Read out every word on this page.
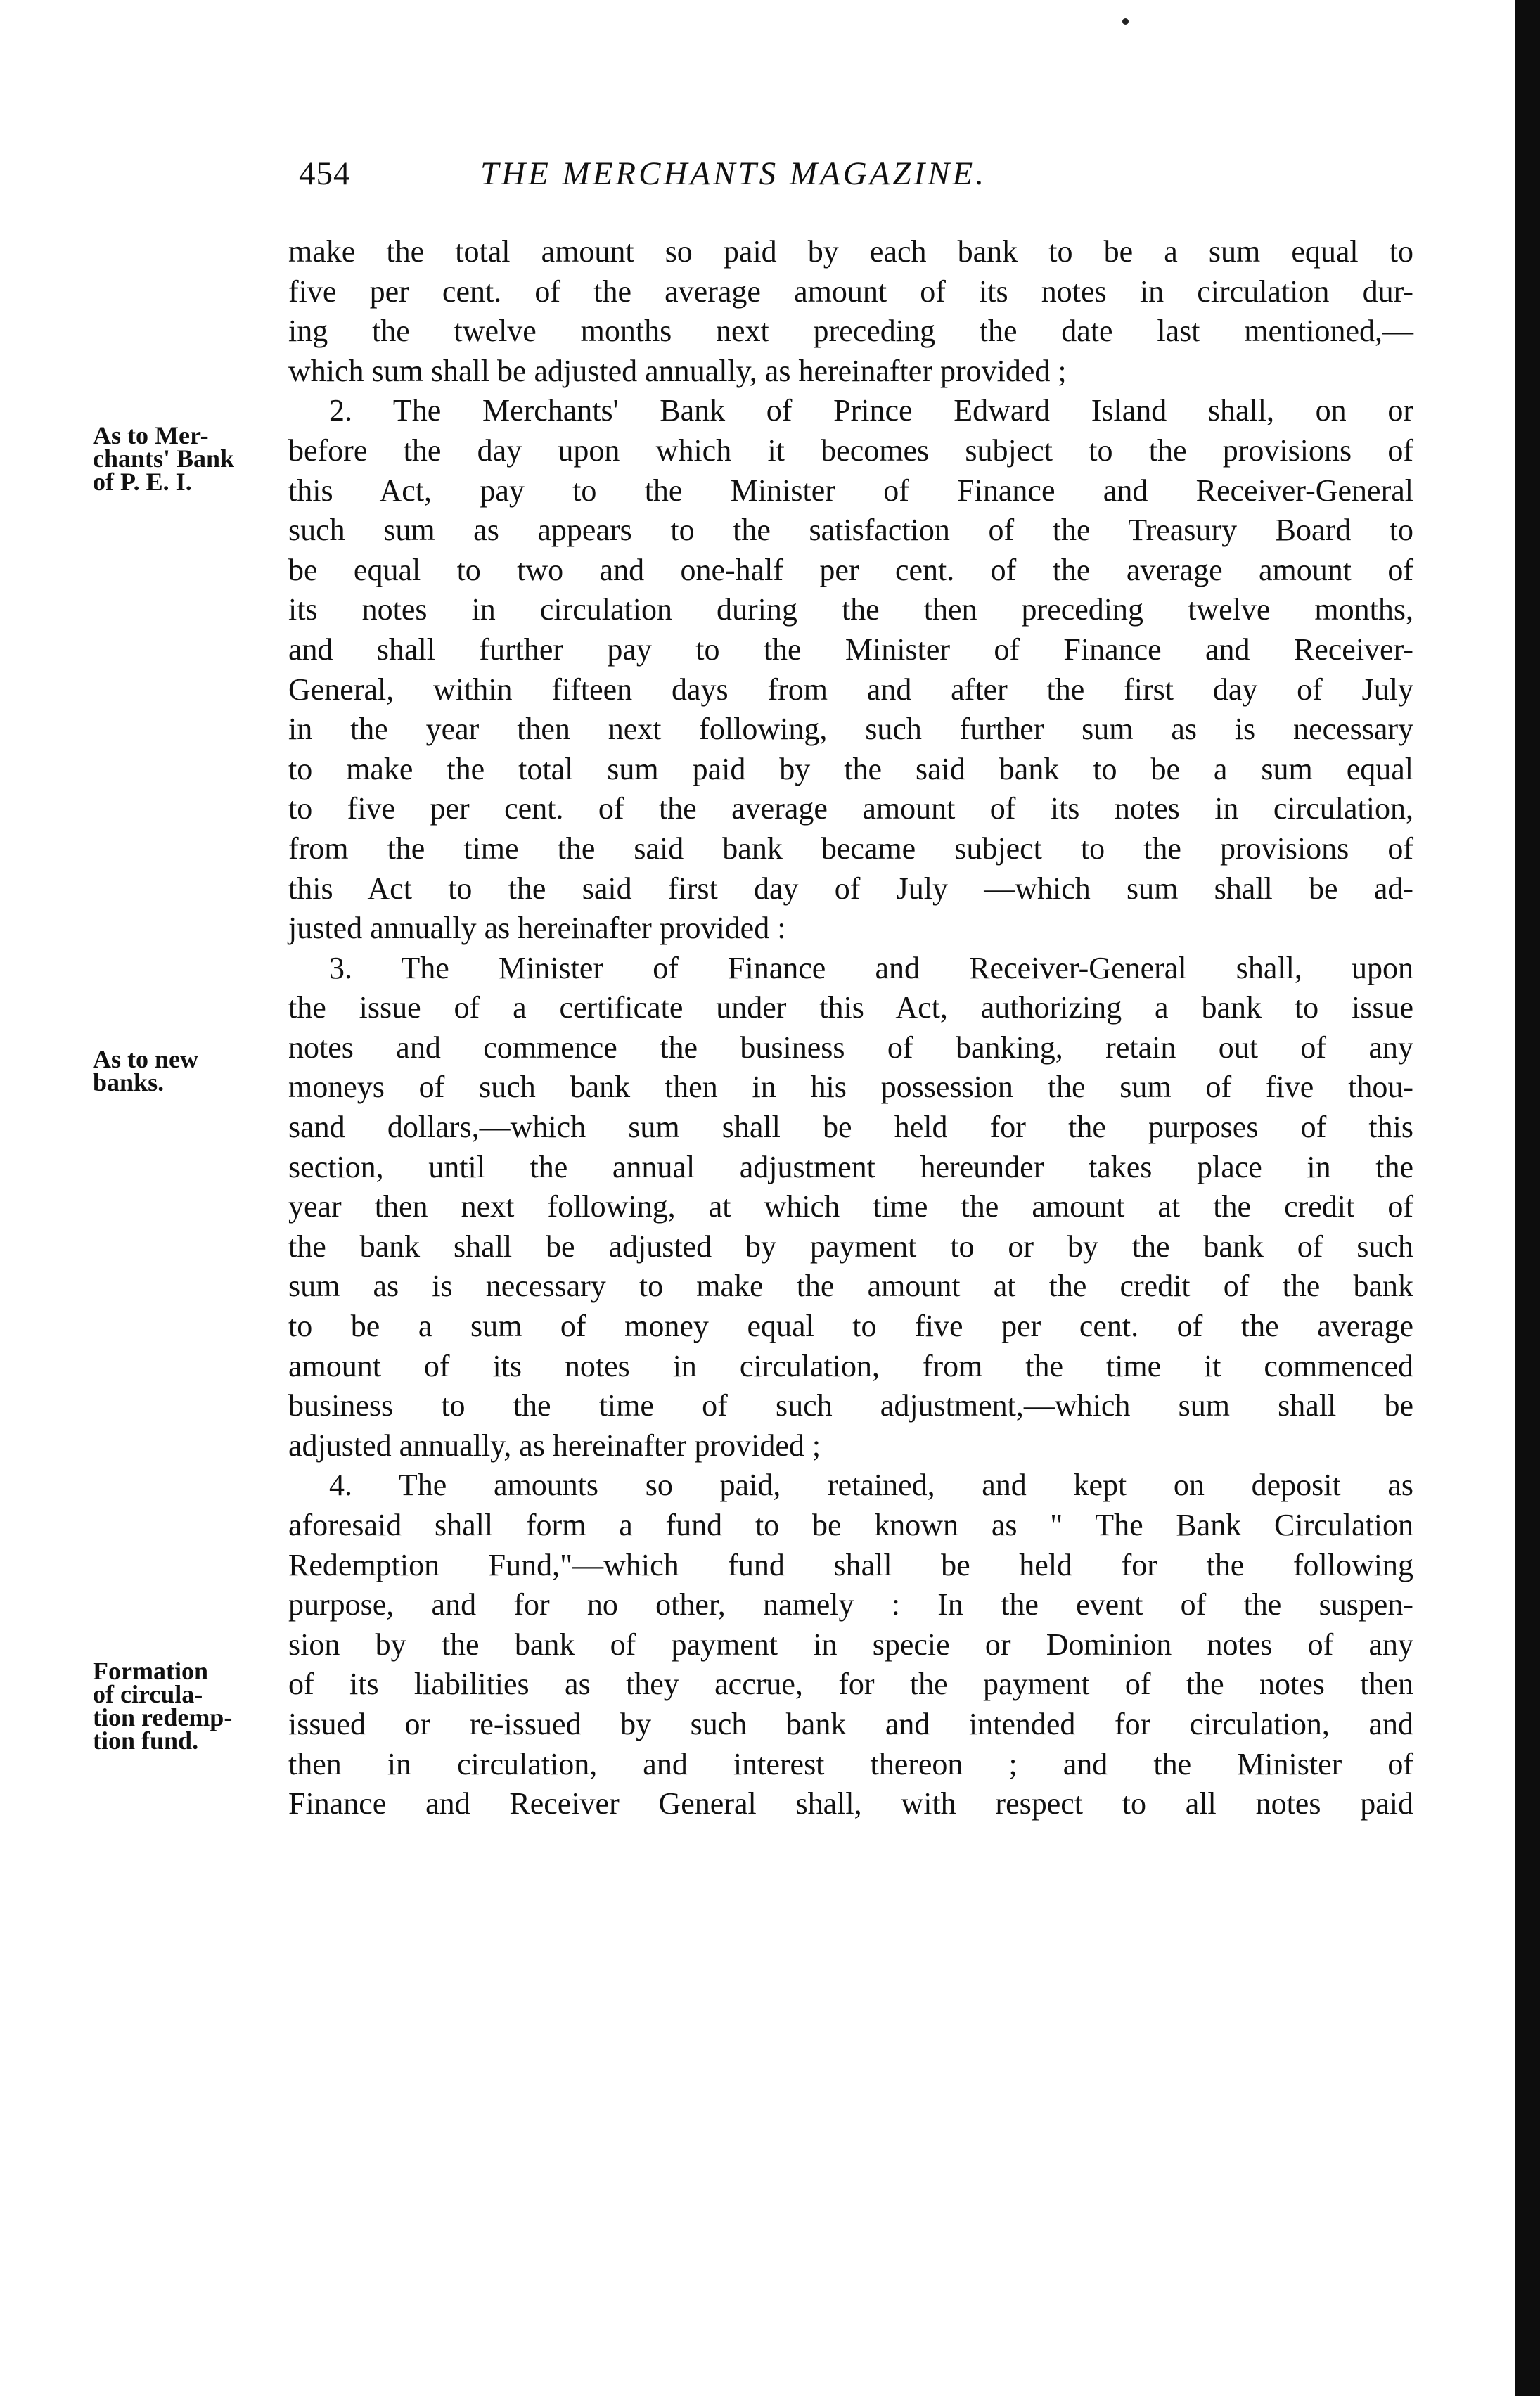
454	THE MERCHANTS MAGAZINE.
As to Mer-
chants' Bank
of P. E. I.
As to new
banks.
Formation
of circula-
tion redemp-
tion fund.
make the total amount so paid by each bank to be a sum equal to
five per cent. of the average amount of its notes in circulation dur-
ing the twelve months next preceding the date last mentioned,—
which sum shall be adjusted annually, as hereinafter provided ;
2. The Merchants' Bank of Prince Edward Island shall, on or
before the day upon which it becomes subject to the provisions of
this Act, pay to the Minister of Finance and Receiver-General
such sum as appears to the satisfaction of the Treasury Board to
be equal to two and one-half per cent. of the average amount of
its notes in circulation during the then preceding twelve months,
and shall further pay to the Minister of Finance and Receiver-
General, within fifteen days from and after the first day of July
in the year then next following, such further sum as is necessary
to make the total sum paid by the said bank to be a sum equal
to five per cent. of the average amount of its notes in circulation,
from the time the said bank became subject to the provisions of
this Act to the said first day of July —which sum shall be ad-
justed annually as hereinafter provided :
3. The Minister of Finance and Receiver-General shall, upon
the issue of a certificate under this Act, authorizing a bank to issue
notes and commence the business of banking, retain out of any
moneys of such bank then in his possession the sum of five thou-
sand dollars,—which sum shall be held for the purposes of this
section, until the annual adjustment hereunder takes place in the
year then next following, at which time the amount at the credit of
the bank shall be adjusted by payment to or by the bank of such
sum as is necessary to make the amount at the credit of the bank
to be a sum of money equal to five per cent. of the average
amount of its notes in circulation, from the time it commenced
business to the time of such adjustment,—which sum shall be
adjusted annually, as hereinafter provided ;
4. The amounts so paid, retained, and kept on deposit as
aforesaid shall form a fund to be known as " The Bank Circulation
Redemption Fund,"—which fund shall be held for the following
purpose, and for no other, namely : In the event of the suspen-
sion by the bank of payment in specie or Dominion notes of any
of its liabilities as they accrue, for the payment of the notes then
issued or re-issued by such bank and intended for circulation, and
then in circulation, and interest thereon ; and the Minister of
Finance and Receiver General shall, with respect to all notes paid
